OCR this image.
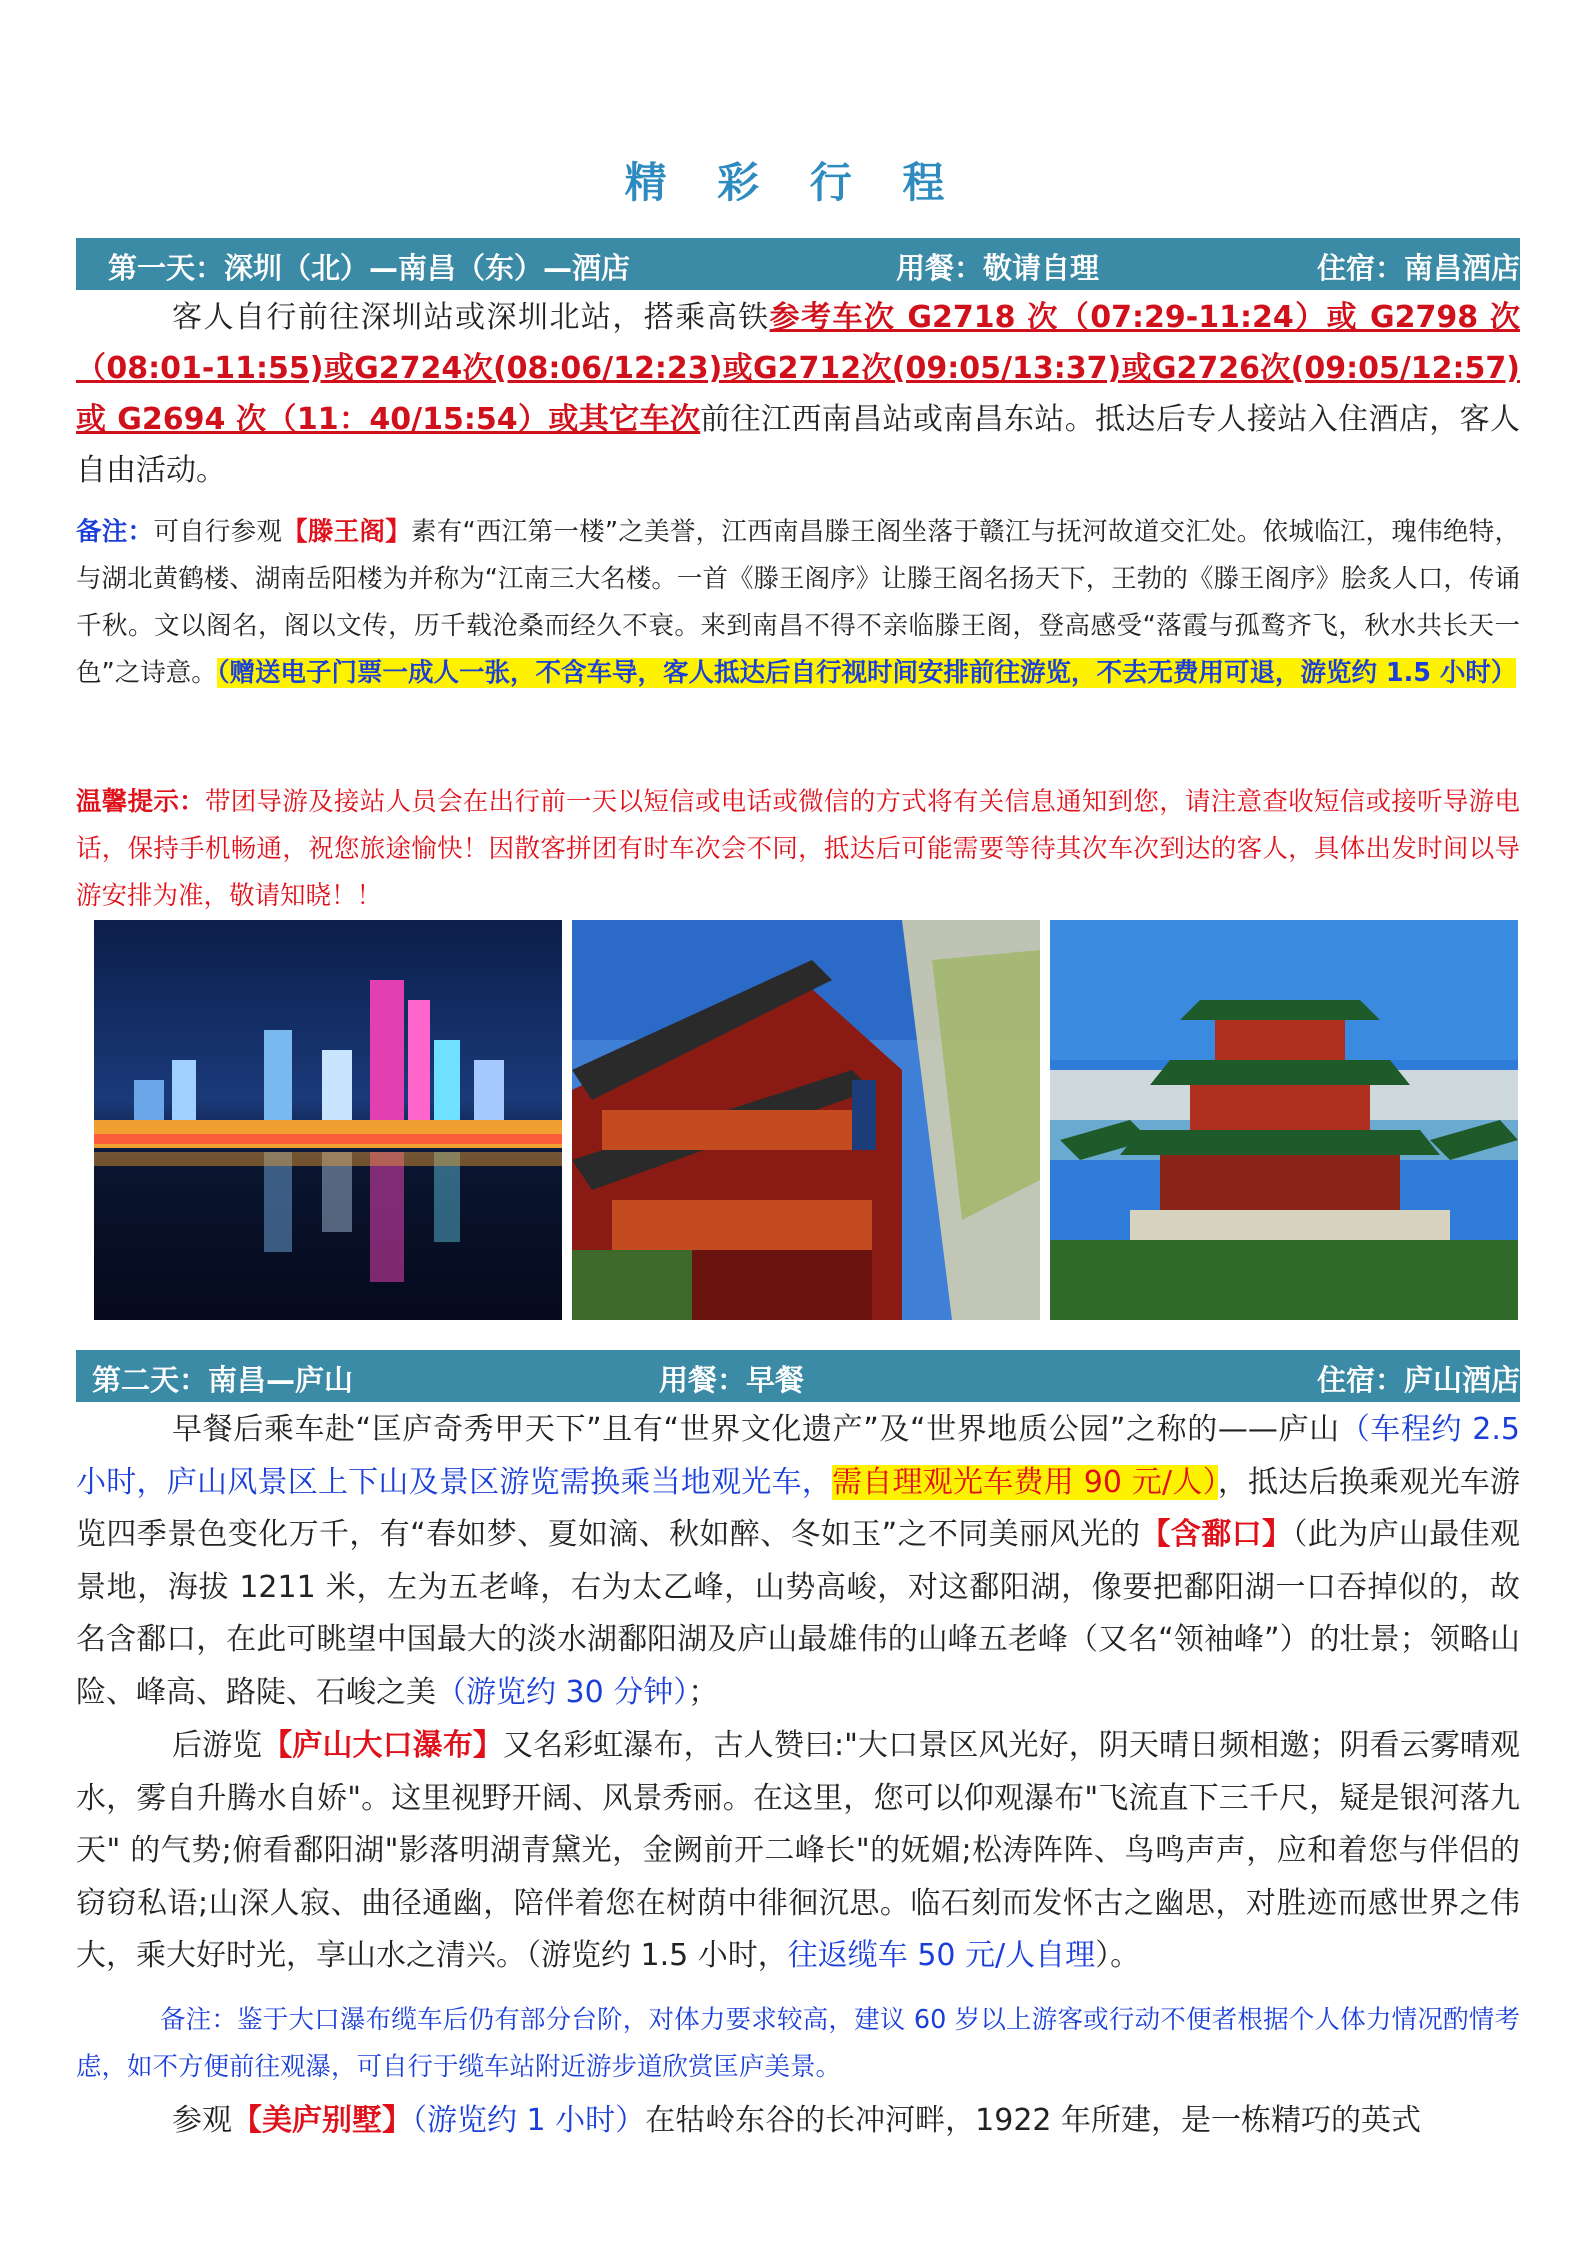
精 彩 行 程
第一天：深圳（北）—南昌（东）—酒店	用餐：敬请自理	住宿：南昌酒店

客人自行前往深圳站或深圳北站，搭乘高铁参考车次 G2718 次（07:29-11:24）或 G2798 次（08:01-11:55)或G2724次(08:06/12:23)或G2712次(09:05/13:37)或G2726次(09:05/12:57)或 G2694 次（11：40/15:54）或其它车次前往江西南昌站或南昌东站。抵达后专人接站入住酒店，客人自由活动。

备注：可自行参观【滕王阁】素有“西江第一楼”之美誉，江西南昌滕王阁坐落于赣江与抚河故道交汇处。依城临江，瑰伟绝特，与湖北黄鹤楼、湖南岳阳楼为并称为“江南三大名楼。一首《滕王阁序》让滕王阁名扬天下，王勃的《滕王阁序》脍炙人口，传诵千秋。文以阁名，阁以文传，历千载沧桑而经久不衰。来到南昌不得不亲临滕王阁，登高感受“落霞与孤鹜齐飞，秋水共长天一色”之诗意。（赠送电子门票一成人一张，不含车导，客人抵达后自行视时间安排前往游览，不去无费用可退，游览约 1.5 小时）

温馨提示：带团导游及接站人员会在出行前一天以短信或电话或微信的方式将有关信息通知到您，请注意查收短信或接听导游电话，保持手机畅通，祝您旅途愉快！因散客拼团有时车次会不同，抵达后可能需要等待其次车次到达的客人，具体出发时间以导游安排为准，敬请知晓！！

第二天：南昌—庐山	用餐：早餐	住宿：庐山酒店

早餐后乘车赴“匡庐奇秀甲天下”且有“世界文化遗产”及“世界地质公园”之称的——庐山（车程约 2.5 小时，庐山风景区上下山及景区游览需换乘当地观光车，需自理观光车费用 90 元/人），抵达后换乘观光车游览四季景色变化万千，有“春如梦、夏如滴、秋如醉、冬如玉”之不同美丽风光的【含鄱口】（此为庐山最佳观景地，海拔 1211 米，左为五老峰，右为太乙峰，山势高峻，对这鄱阳湖，像要把鄱阳湖一口吞掉似的，故名含鄱口，在此可眺望中国最大的淡水湖鄱阳湖及庐山最雄伟的山峰五老峰（又名“领袖峰”）的壮景；领略山险、峰高、路陡、石峻之美（游览约 30 分钟）；

后游览【庐山大口瀑布】又名彩虹瀑布，古人赞曰:"大口景区风光好，阴天晴日频相邀；阴看云雾晴观水，雾自升腾水自娇"。这里视野开阔、风景秀丽。在这里，您可以仰观瀑布"飞流直下三千尺，疑是银河落九天" 的气势;俯看鄱阳湖"影落明湖青黛光，金阙前开二峰长"的妩媚;松涛阵阵、鸟鸣声声，应和着您与伴侣的窃窃私语;山深人寂、曲径通幽，陪伴着您在树荫中徘徊沉思。临石刻而发怀古之幽思，对胜迹而感世界之伟大，乘大好时光，享山水之清兴。（游览约 1.5 小时，往返缆车 50 元/人自理）。

备注：鉴于大口瀑布缆车后仍有部分台阶，对体力要求较高，建议 60 岁以上游客或行动不便者根据个人体力情况酌情考虑，如不方便前往观瀑，可自行于缆车站附近游步道欣赏匡庐美景。

参观【美庐别墅】（游览约 1 小时）在牯岭东谷的长冲河畔，1922 年所建，是一栋精巧的英式
